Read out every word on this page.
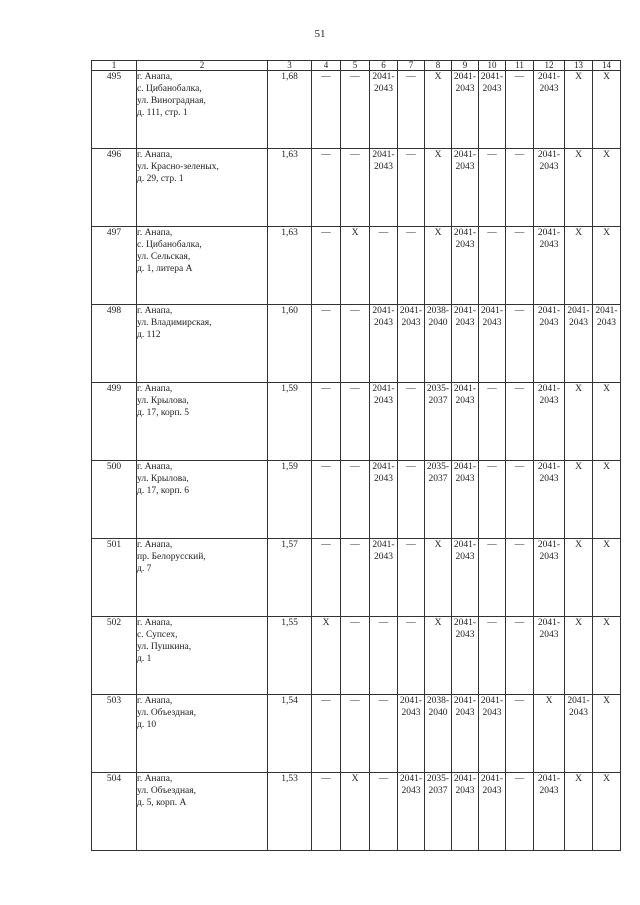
51
1	2	3	4	5	6	7	8	9	10	11	12	13	14
495	г. Анапа,
с. Цибанобалка,
ул. Виноградная,
д. 111, стр. 1	1,68	—	—	2041-
2043	—	Х	2041-
2043	2041-
2043	—	2041-
2043	Х	Х
496	г. Анапа,
ул. Красно-зеленых,
д. 29, стр. 1	1,63	—	—	2041-
2043	—	Х	2041-
2043	—	—	2041-
2043	Х	Х
497	г. Анапа,
с. Цибанобалка,
ул. Сельская,
д. 1, литера А	1,63	—	Х	—	—	Х	2041-
2043	—	—	2041-
2043	Х	Х
498	г. Анапа,
ул. Владимирская,
д. 112	1,60	—	—	2041-
2043	2041-
2043	2038-
2040	2041-
2043	2041-
2043	—	2041-
2043	2041-
2043	2041-
2043
499	г. Анапа,
ул. Крылова,
д. 17, корп. 5	1,59	—	—	2041-
2043	—	2035-
2037	2041-
2043	—	—	2041-
2043	Х	Х
500	г. Анапа,
ул. Крылова,
д. 17, корп. 6	1,59	—	—	2041-
2043	—	2035-
2037	2041-
2043	—	—	2041-
2043	Х	Х
501	г. Анапа,
пр. Белорусский,
д. 7	1,57	—	—	2041-
2043	—	Х	2041-
2043	—	—	2041-
2043	Х	Х
502	г. Анапа,
с. Супсех,
ул. Пушкина,
д. 1	1,55	Х	—	—	—	Х	2041-
2043	—	—	2041-
2043	Х	Х
503	г. Анапа,
ул. Объездная,
д. 10	1,54	—	—	—	2041-
2043	2038-
2040	2041-
2043	2041-
2043	—	Х	2041-
2043	Х
504	г. Анапа,
ул. Объездная,
д. 5, корп. А	1,53	—	Х	—	2041-
2043	2035-
2037	2041-
2043	2041-
2043	—	2041-
2043	Х	Х
